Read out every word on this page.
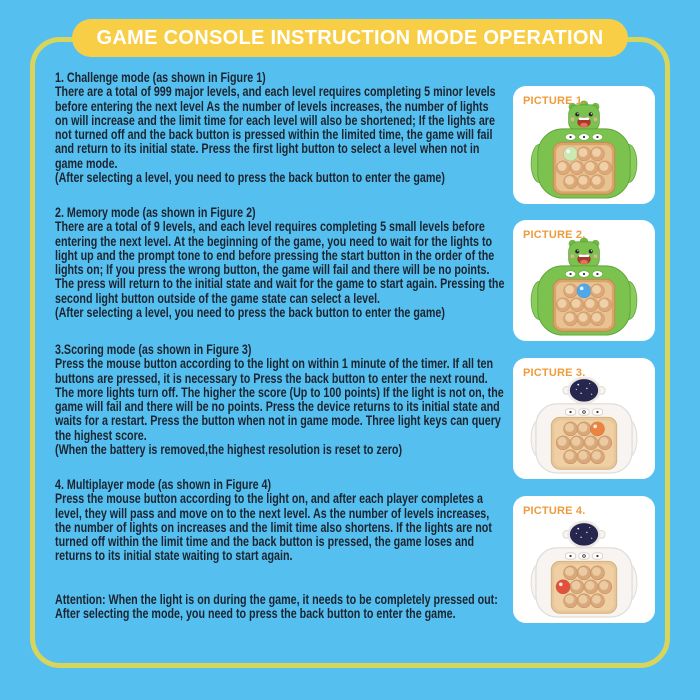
GAME CONSOLE INSTRUCTION MODE OPERATION

1. Challenge mode (as shown in Figure 1)

There are a total of 999 major levels, and each level requires completing 5 minor levels before entering the next level As the number of levels increases, the number of lights on will increase and the limit time for each level will also be shortened; If the lights are not turned off and the back button is pressed within the limited time, the game will fail and return to its initial state. Press the first light button to select a level when not in game mode.

(After selecting a level, you need to press the back button to enter the game)

2. Memory mode (as shown in Figure 2)

There are a total of 9 levels, and each level requires completing 5 small levels before entering the next level. At the beginning of the game, you need to wait for the lights to light up and the prompt tone to end before pressing the start button in the order of the lights on; If you press the wrong button, the game will fail and there will be no points. The press will return to the initial state and wait for the game to start again. Pressing the second light button outside of the game state can select a level.

(After selecting a level, you need to press the back button to enter the game)

3.Scoring mode (as shown in Figure 3)

Press the mouse button according to the light on within 1 minute of the timer. If all ten buttons are pressed, it is necessary to Press the back button to enter the next round. The more lights turn off. The higher the score (Up to 100 points) If the light is not on, the game will fail and there will be no points. Press the device returns to its initial state and waits for a restart. Press the button when not in game mode. Three light keys can query the highest score.

(When the battery is removed,the highest resolution is reset to zero)

4. Multiplayer mode (as shown in Figure 4)

Press the mouse button according to the light on, and after each player completes a level, they will pass and move on to the next level. As the number of levels increases, the number of lights on increases and the limit time also shortens. If the lights are not turned off within the limit time and the back button is pressed, the game loses and returns to its initial state waiting to start again.

Attention: When the light is on during the game, it needs to be completely pressed out: After selecting the mode, you need to press the back button to enter the game.

PICTURE 1.
PICTURE 2.
PICTURE 3.
PICTURE 4.
